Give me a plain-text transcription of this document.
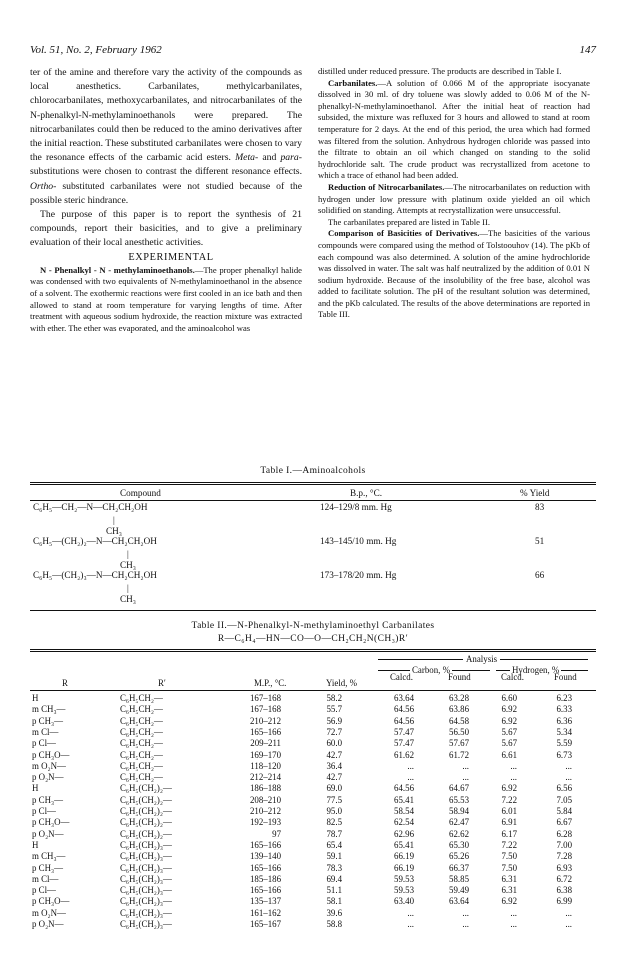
Vol. 51, No. 2, February 1962	147

ter of the amine and therefore vary the activity of the compounds as local anesthetics. Carbanilates, methylcarbanilates, chlorocarbanilates, methoxycarbanilates, and nitrocarbanilates of the N-phenalkyl-N-methylaminoethanols were prepared. The nitrocarbanilates could then be reduced to the amino derivatives after the initial reaction. These substituted carbanilates were chosen to vary the resonance effects of the carbamic acid esters. Meta- and para-substitutions were chosen to contrast the different resonance effects. Ortho- substituted carbanilates were not studied because of the possible steric hindrance.

The purpose of this paper is to report the synthesis of 21 compounds, report their basicities, and to give a preliminary evaluation of their local anesthetic activities.

EXPERIMENTAL

N - Phenalkyl - N - methylaminoethanols.—The proper phenalkyl halide was condensed with two equivalents of N-methylaminoethanol in the absence of a solvent. The exothermic reactions were first cooled in an ice bath and then allowed to stand at room temperature for varying lengths of time. After treatment with aqueous sodium hydroxide, the reaction mixture was extracted with ether. The ether was evaporated, and the aminoalcohol was

distilled under reduced pressure. The products are described in Table I.

Carbanilates.—A solution of 0.066 M of the appropriate isocyanate dissolved in 30 ml. of dry toluene was slowly added to 0.06 M of the N-phenalkyl-N-methylaminoethanol. After the initial heat of reaction had subsided, the mixture was refluxed for 3 hours and allowed to stand at room temperature for 2 days. At the end of this period, the urea which had formed was filtered from the solution. Anhydrous hydrogen chloride was passed into the filtrate to obtain an oil which changed on standing to the solid hydrochloride salt. The crude product was recrystallized from acetone to which a trace of ethanol had been added.

Reduction of Nitrocarbanilates.—The nitrocarbanilates on reduction with hydrogen under low pressure with platinum oxide yielded an oil which solidified on standing. Attempts at recrystallization were unsuccessful.

The carbanilates prepared are listed in Table II.

Comparison of Basicities of Derivatives.—The basicities of the various compounds were compared using the method of Tolstoouhov (14). The pKb of each compound was also determined. A solution of the amine hydrochloride was dissolved in water. The salt was half neutralized by the addition of 0.01 N sodium hydroxide. Because of the insolubility of the free base, alcohol was added to facilitate solution. The pH of the resultant solution was determined, and the pKb calculated. The results of the above determinations are reported in Table III.

Table I.—Aminoalcohols
Compound	B.p., °C.	% Yield
C₆H₅—CH₂—N—CH₂CH₂OH	124–129/8 mm. Hg	83
|
CH₃
C₆H₅—(CH₂)₂—N—CH₂CH₂OH	143–145/10 mm. Hg	51
|
CH₃
C₆H₅—(CH₂)₃—N—CH₂CH₂OH	173–178/20 mm. Hg	66
|
CH₃
Table II.—N-Phenalkyl-N-methylaminoethyl Carbanilates
R—C₆H₄—HN—CO—O—CH₂CH₂N(CH₃)R′
Analysis
Carbon, %	Hydrogen, %
R	R′	M.P., °C.	Yield, %
Calcd.	Found	Calcd.	Found
H	C₆H₅CH₂—	167–168	58.2	63.64	63.28	6.60	6.23
m CH₃—	C₆H₅CH₂—	167–168	55.7	64.56	63.86	6.92	6.33
p CH₃—	C₆H₅CH₂—	210–212	56.9	64.56	64.58	6.92	6.36
m Cl—	C₆H₅CH₂—	165–166	72.7	57.47	56.50	5.67	5.34
p Cl—	C₆H₅CH₂—	209–211	60.0	57.47	57.67	5.67	5.59
p CH₃O—	C₆H₅CH₂—	169–170	42.7	61.62	61.72	6.61	6.73
m O₂N—	C₆H₅CH₂—	118–120	36.4	...	...	...	...
p O₂N—	C₆H₅CH₂—	212–214	42.7	...	...	...	...
H	C₆H₅(CH₂)₂—	186–188	69.0	64.56	64.67	6.92	6.56
p CH₃—	C₆H₅(CH₂)₂—	208–210	77.5	65.41	65.53	7.22	7.05
p Cl—	C₆H₅(CH₂)₂—	210–212	95.0	58.54	58.94	6.01	5.84
p CH₃O—	C₆H₅(CH₂)₂—	192–193	82.5	62.54	62.47	6.91	6.67
p O₂N—	C₆H₅(CH₂)₂—	97	78.7	62.96	62.62	6.17	6.28
H	C₆H₅(CH₂)₃—	165–166	65.4	65.41	65.30	7.22	7.00
m CH₃—	C₆H₅(CH₂)₃—	139–140	59.1	66.19	65.26	7.50	7.28
p CH₃—	C₆H₅(CH₂)₃—	165–166	78.3	66.19	66.37	7.50	6.93
m Cl—	C₆H₅(CH₂)₃—	185–186	69.4	59.53	58.85	6.31	6.72
p Cl—	C₆H₅(CH₂)₃—	165–166	51.1	59.53	59.49	6.31	6.38
p CH₃O—	C₆H₅(CH₂)₃—	135–137	58.1	63.40	63.64	6.92	6.99
m O₂N—	C₆H₅(CH₂)₃—	161–162	39.6	...	...	...	...
p O₂N—	C₆H₅(CH₂)₃—	165–167	58.8	...	...	...	...
